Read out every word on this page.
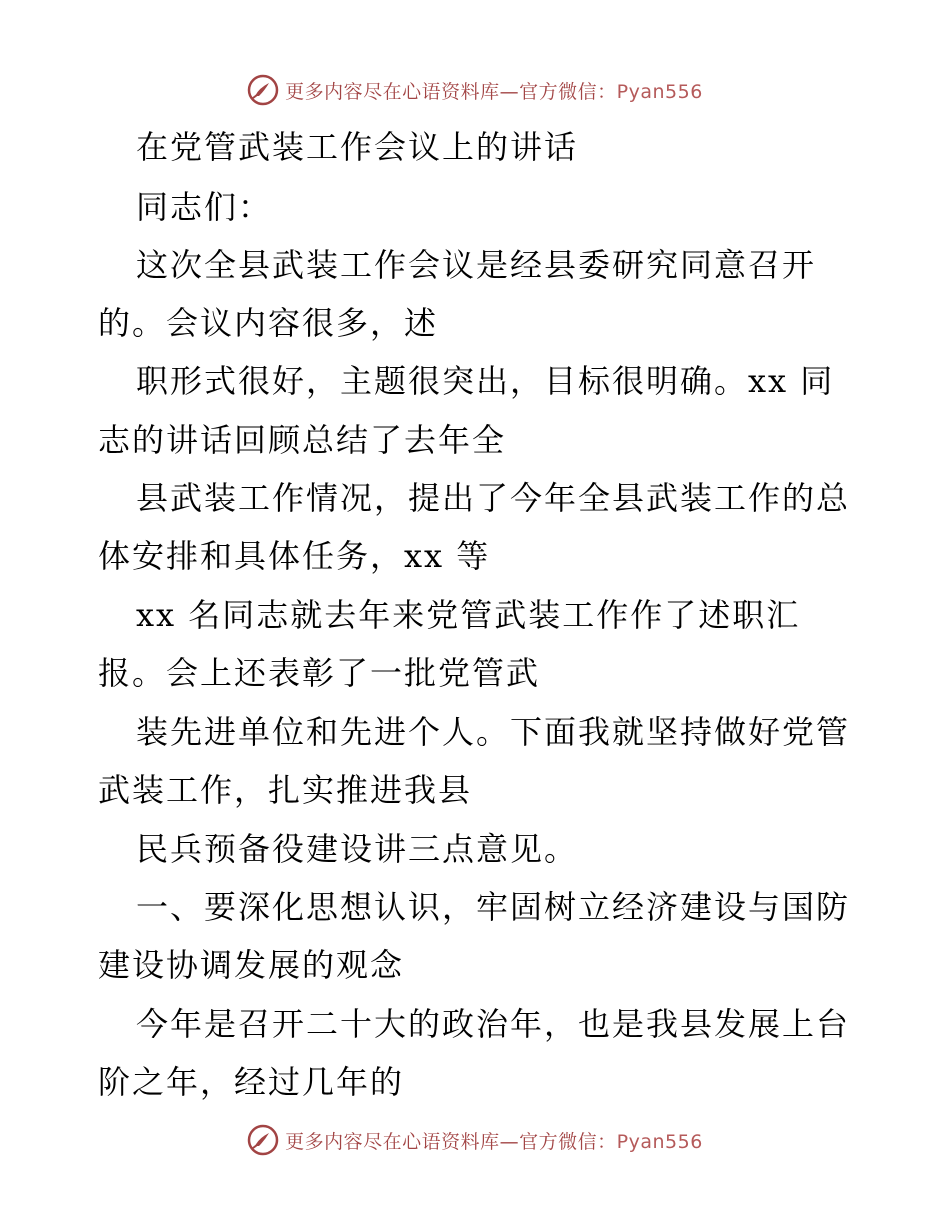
更多内容尽在心语资料库—官方微信：Pyan556
在党管武装工作会议上的讲话
同志们：
这次全县武装工作会议是经县委研究同意召开
的。会议内容很多，述
职形式很好，主题很突出，目标很明确。xx 同
志的讲话回顾总结了去年全
县武装工作情况，提出了今年全县武装工作的总
体安排和具体任务，xx 等
xx 名同志就去年来党管武装工作作了述职汇
报。会上还表彰了一批党管武
装先进单位和先进个人。下面我就坚持做好党管
武装工作，扎实推进我县
民兵预备役建设讲三点意见。
一、要深化思想认识，牢固树立经济建设与国防
建设协调发展的观念
今年是召开二十大的政治年，也是我县发展上台
阶之年，经过几年的
更多内容尽在心语资料库—官方微信：Pyan556
